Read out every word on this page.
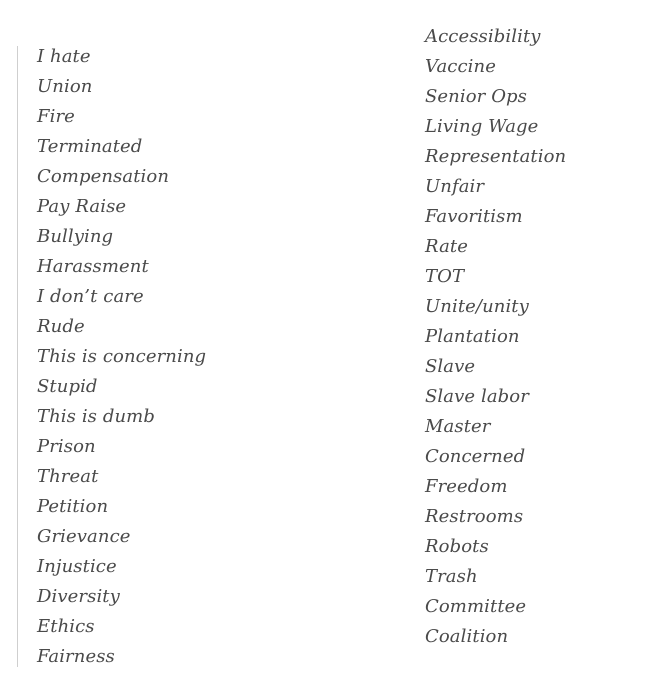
I hate
Union
Fire
Terminated
Compensation
Pay Raise
Bullying
Harassment
I don’t care
Rude
This is concerning
Stupid
This is dumb
Prison
Threat
Petition
Grievance
Injustice
Diversity
Ethics
Fairness
Accessibility
Vaccine
Senior Ops
Living Wage
Representation
Unfair
Favoritism
Rate
TOT
Unite/unity
Plantation
Slave
Slave labor
Master
Concerned
Freedom
Restrooms
Robots
Trash
Committee
Coalition
